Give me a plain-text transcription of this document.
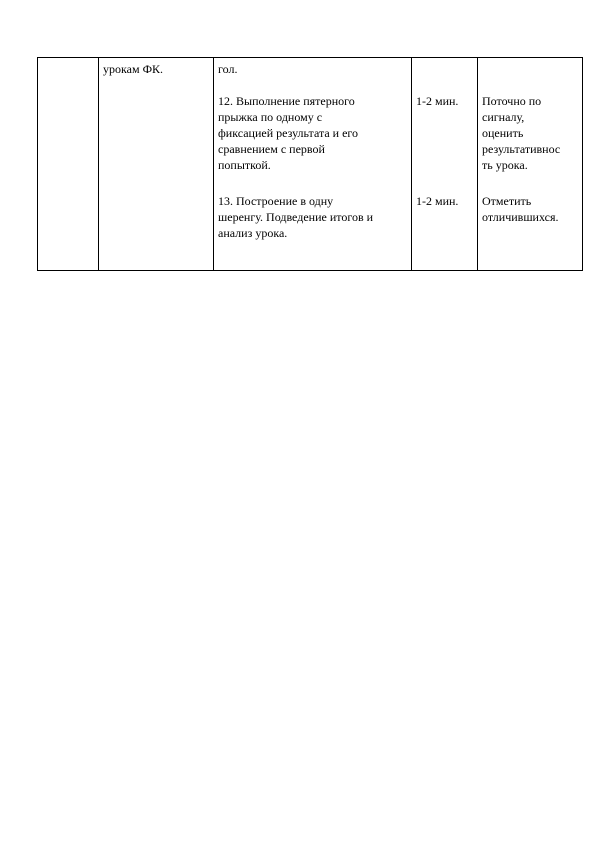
урокам ФК.	гол.
12. Выполнение пятерного
прыжка по одному с
фиксацией результата и его
сравнением с первой
попыткой.
13. Построение в одну
шеренгу. Подведение итогов и
анализ урока.
1-2 мин.
1-2 мин.
Поточно по
сигналу,
оценить
результативнос
ть урока.
Отметить
отличившихся.
